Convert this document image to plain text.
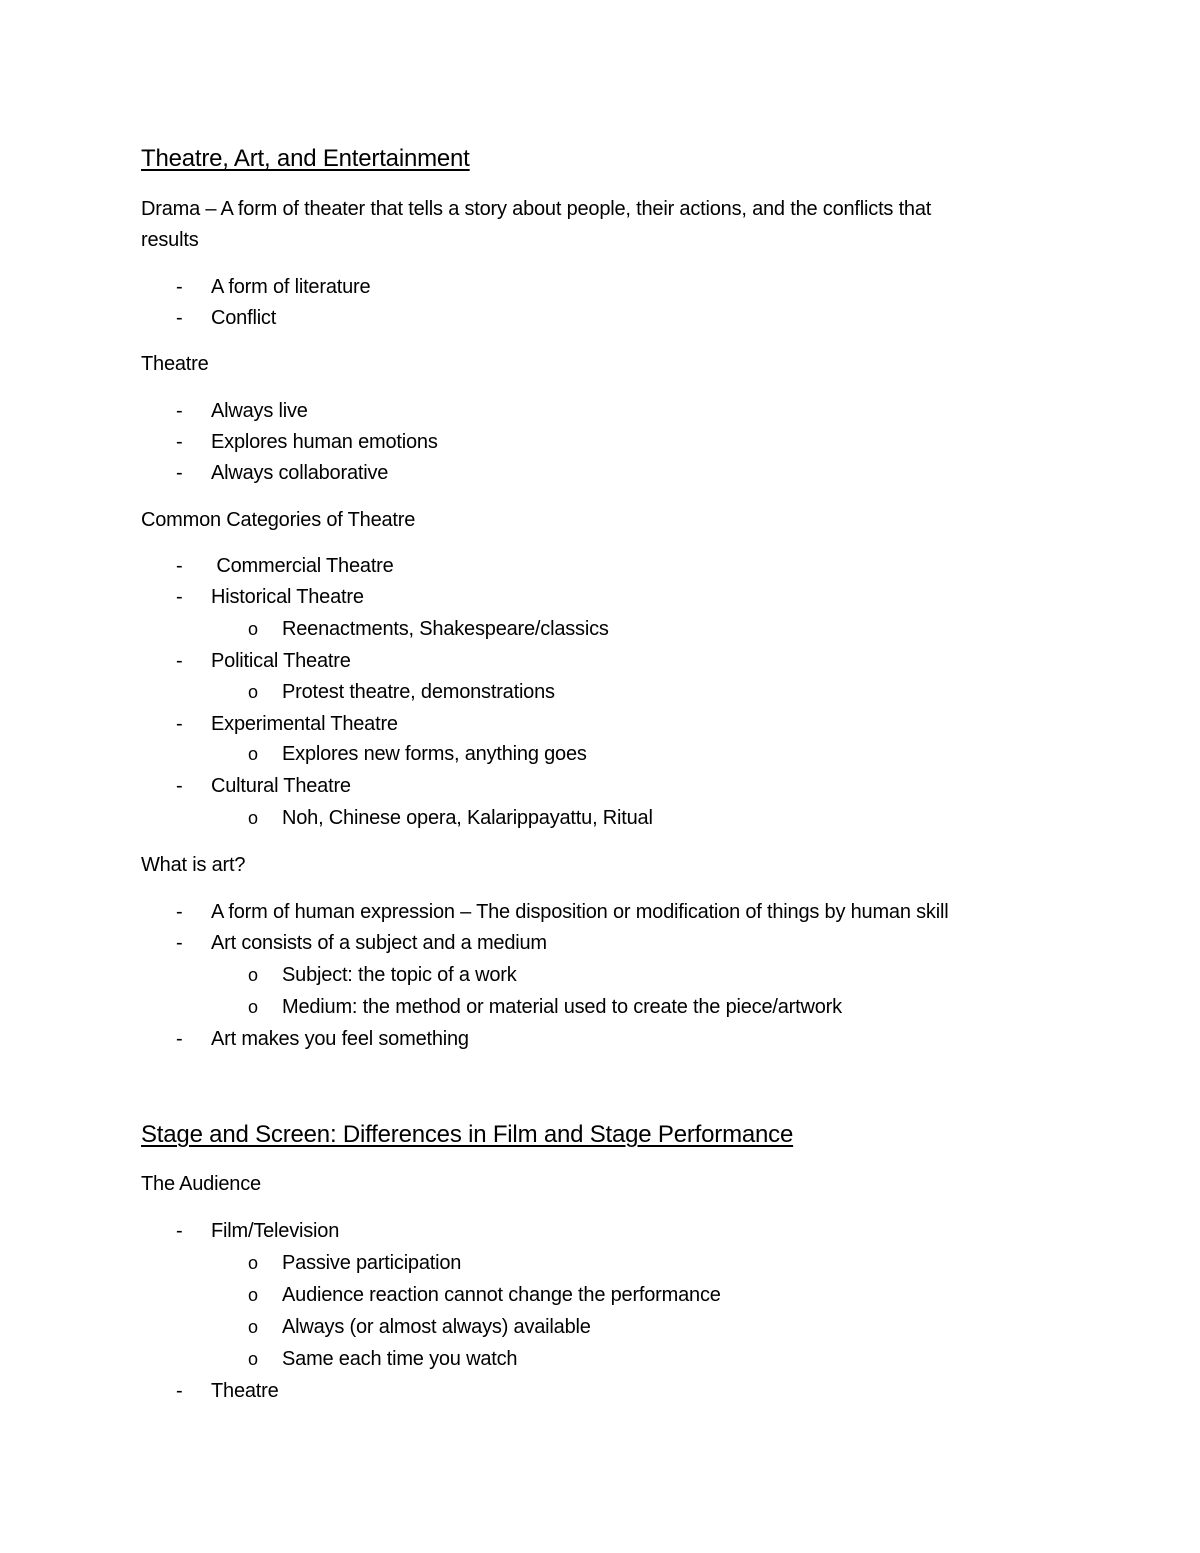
Theatre, Art, and Entertainment
Drama – A form of theater that tells a story about people, their actions, and the conflicts that
results
- A form of literature
- Conflict
Theatre
- Always live
- Explores human emotions
- Always collaborative
Common Categories of Theatre
- Commercial Theatre
- Historical Theatre
o Reenactments, Shakespeare/classics
- Political Theatre
o Protest theatre, demonstrations
- Experimental Theatre
o Explores new forms, anything goes
- Cultural Theatre
o Noh, Chinese opera, Kalarippayattu, Ritual
What is art?
- A form of human expression – The disposition or modification of things by human skill
- Art consists of a subject and a medium
o Subject: the topic of a work
o Medium: the method or material used to create the piece/artwork
- Art makes you feel something
Stage and Screen: Differences in Film and Stage Performance
The Audience
- Film/Television
o Passive participation
o Audience reaction cannot change the performance
o Always (or almost always) available
o Same each time you watch
- Theatre
